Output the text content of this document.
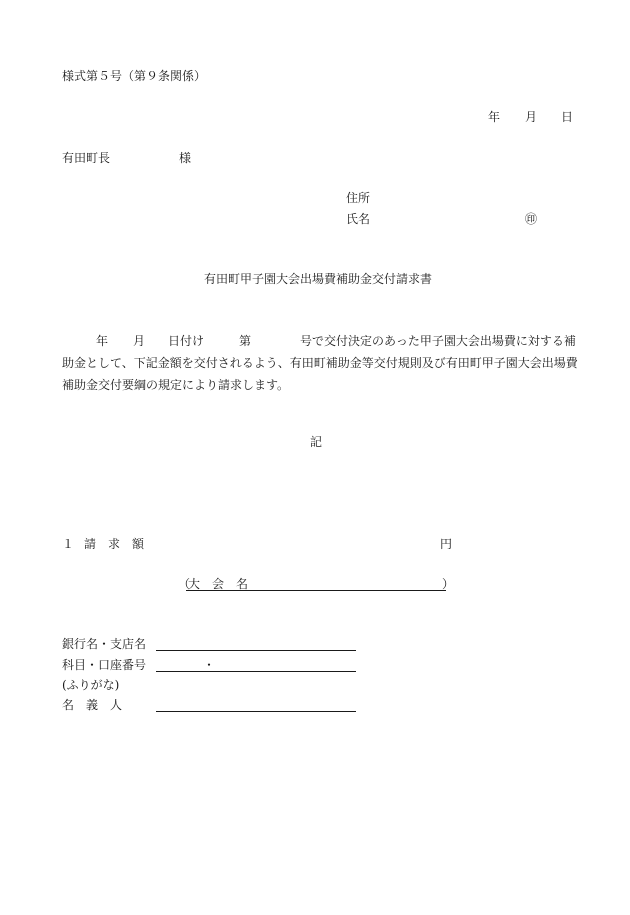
様式第５号（第９条関係）
年 月 日
有田町長	様
住所
氏名	㊞
有田町甲子園大会出場費補助金交付請求書
年 月 日付け	第	号で交付決定のあった甲子園大会出場費に対する補
助金として、下記金額を交付されるよう、有田町補助金等交付規則及び有田町甲子園大会出場費
補助金交付要綱の規定により請求します。
記
１ 請　求　額	円
（
大　会　名	）
銀行名・支店名
科目・口座番号	・
(ふりがな)
名　義　人
